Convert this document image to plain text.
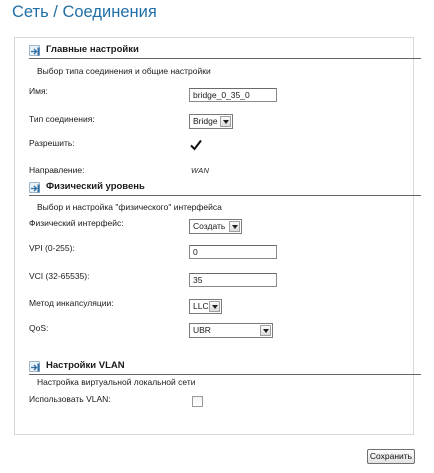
Сеть / Соединения
Главные настройки
Выбор типа соединения и общие настройки
Имя:	bridge_0_35_0
Тип соединения:	Bridge
Разрешить:
Направление:	WAN
Физический уровень
Выбор и настройка "физического" интерфейса
Физический интерфейс:	Создать
VPI (0-255):	0
VCI (32-65535):	35
Метод инкапсуляции:	LLC
QoS:	UBR
Настройки VLAN
Настройка виртуальной локальной сети
Использовать VLAN:
Сохранить
